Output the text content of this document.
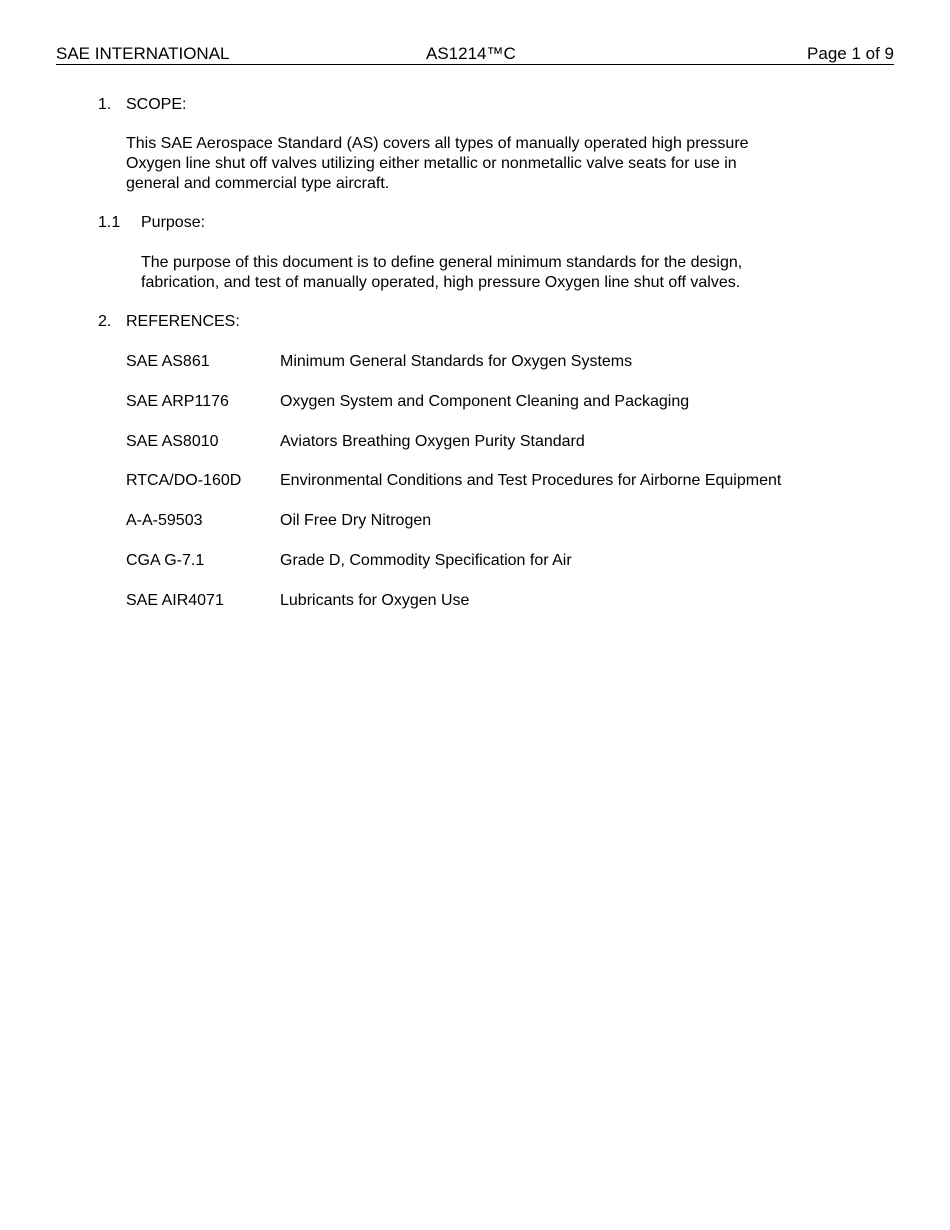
SAE INTERNATIONAL	AS1214™C	Page 1 of 9
1. SCOPE:
This SAE Aerospace Standard (AS) covers all types of manually operated high pressure
Oxygen line shut off valves utilizing either metallic or nonmetallic valve seats for use in
general and commercial type aircraft.
1.1 Purpose:
The purpose of this document is to define general minimum standards for the design,
fabrication, and test of manually operated, high pressure Oxygen line shut off valves.
2. REFERENCES:
SAE AS861	Minimum General Standards for Oxygen Systems
SAE ARP1176	Oxygen System and Component Cleaning and Packaging
SAE AS8010	Aviators Breathing Oxygen Purity Standard
RTCA/DO-160D Environmental Conditions and Test Procedures for Airborne Equipment
A-A-59503	Oil Free Dry Nitrogen
CGA G-7.1	Grade D, Commodity Specification for Air
SAE AIR4071	Lubricants for Oxygen Use
